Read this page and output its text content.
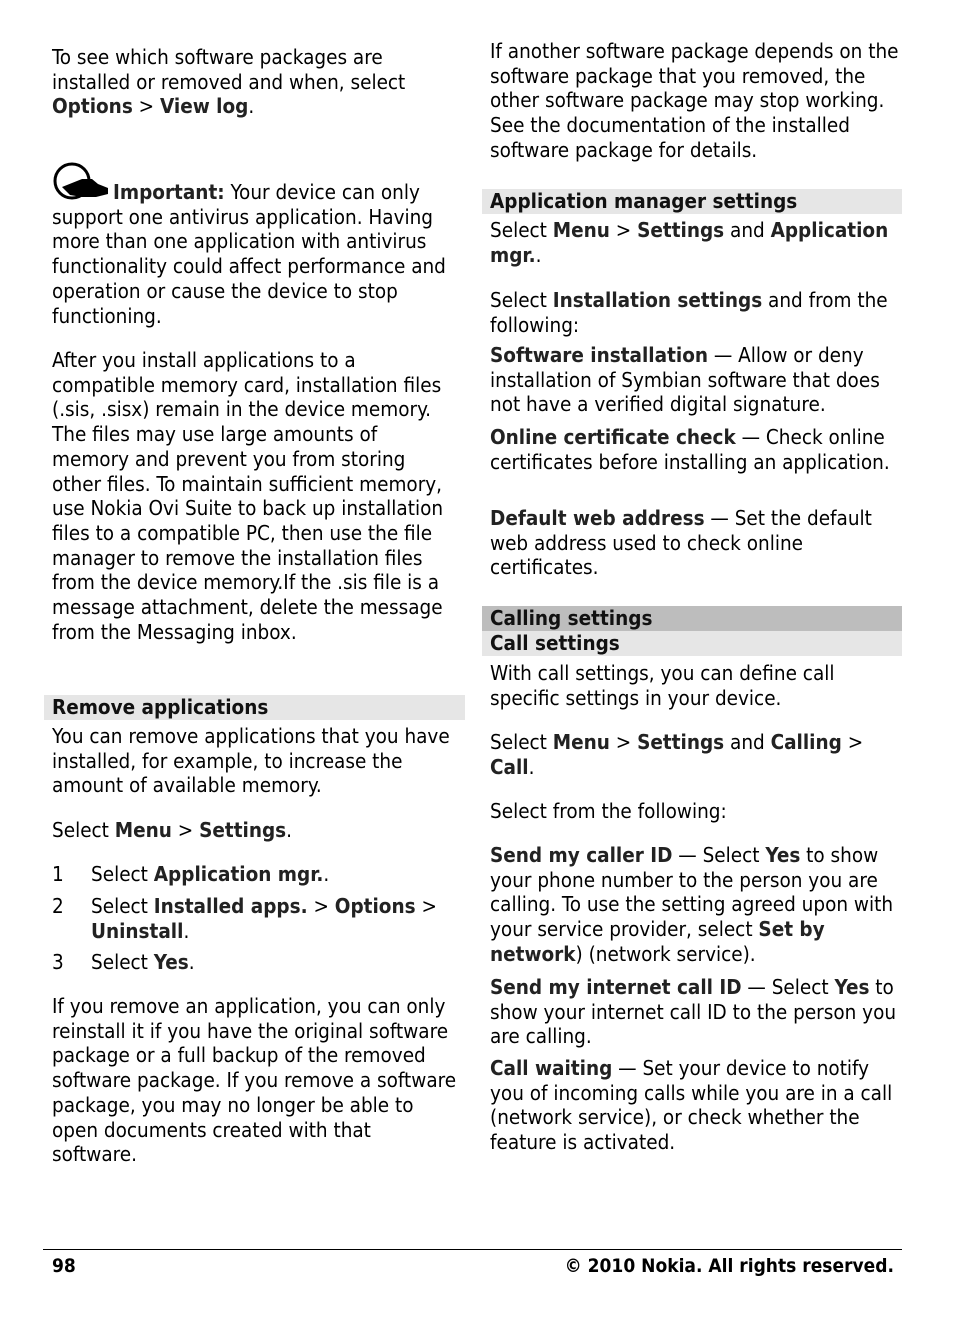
To see which software packages are installed or removed and when, select Options > View log.

Important: Your device can only support one antivirus application. Having more than one application with antivirus functionality could affect performance and operation or cause the device to stop functioning.

After you install applications to a compatible memory card, installation files (.sis, .sisx) remain in the device memory. The files may use large amounts of memory and prevent you from storing other files. To maintain sufficient memory, use Nokia Ovi Suite to back up installation files to a compatible PC, then use the file manager to remove the installation files from the device memory.If the .sis file is a message attachment, delete the message from the Messaging inbox.

Remove applications

You can remove applications that you have installed, for example, to increase the amount of available memory.

Select Menu > Settings.

1 Select Application mgr..
2 Select Installed apps. > Options > Uninstall.
3 Select Yes.

If you remove an application, you can only reinstall it if you have the original software package or a full backup of the removed software package. If you remove a software package, you may no longer be able to open documents created with that software.

If another software package depends on the software package that you removed, the other software package may stop working. See the documentation of the installed software package for details.

Application manager settings

Select Menu > Settings and Application mgr..

Select Installation settings and from the following:

Software installation — Allow or deny installation of Symbian software that does not have a verified digital signature.

Online certificate check — Check online certificates before installing an application.

Default web address — Set the default web address used to check online certificates.

Calling settings
Call settings

With call settings, you can define call specific settings in your device.

Select Menu > Settings and Calling > Call.

Select from the following:

Send my caller ID — Select Yes to show your phone number to the person you are calling. To use the setting agreed upon with your service provider, select Set by network) (network service).

Send my internet call ID — Select Yes to show your internet call ID to the person you are calling.

Call waiting — Set your device to notify you of incoming calls while you are in a call (network service), or check whether the feature is activated.

98	© 2010 Nokia. All rights reserved.
